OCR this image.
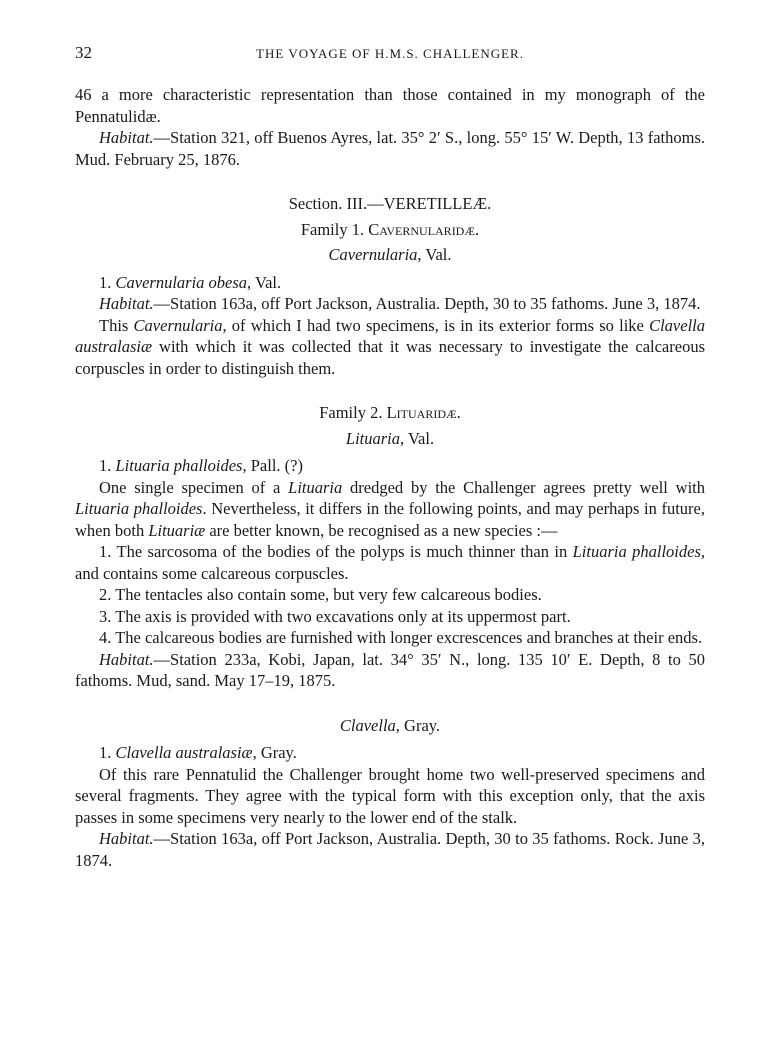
32	THE VOYAGE OF H.M.S. CHALLENGER.

46 a more characteristic representation than those contained in my monograph of the Pennatulidæ.

Habitat.—Station 321, off Buenos Ayres, lat. 35° 2′ S., long. 55° 15′ W. Depth, 13 fathoms. Mud. February 25, 1876.

Section. III.—VERETILLEÆ.

Family 1. Cavernularidæ.

Cavernularia, Val.

1. Cavernularia obesa, Val.

Habitat.—Station 163a, off Port Jackson, Australia. Depth, 30 to 35 fathoms. June 3, 1874.

This Cavernularia, of which I had two specimens, is in its exterior forms so like Clavella australasiæ with which it was collected that it was necessary to investigate the calcareous corpuscles in order to distinguish them.

Family 2. Lituaridæ.

Lituaria, Val.

1. Lituaria phalloides, Pall. (?)

One single specimen of a Lituaria dredged by the Challenger agrees pretty well with Lituaria phalloides. Nevertheless, it differs in the following points, and may perhaps in future, when both Lituariæ are better known, be recognised as a new species :—

1. The sarcosoma of the bodies of the polyps is much thinner than in Lituaria phalloides, and contains some calcareous corpuscles.

2. The tentacles also contain some, but very few calcareous bodies.

3. The axis is provided with two excavations only at its uppermost part.

4. The calcareous bodies are furnished with longer excrescences and branches at their ends.

Habitat.—Station 233a, Kobi, Japan, lat. 34° 35′ N., long. 135 10′ E. Depth, 8 to 50 fathoms. Mud, sand. May 17–19, 1875.

Clavella, Gray.

1. Clavella australasiæ, Gray.

Of this rare Pennatulid the Challenger brought home two well-preserved specimens and several fragments. They agree with the typical form with this exception only, that the axis passes in some specimens very nearly to the lower end of the stalk.

Habitat.—Station 163a, off Port Jackson, Australia. Depth, 30 to 35 fathoms. Rock. June 3, 1874.
